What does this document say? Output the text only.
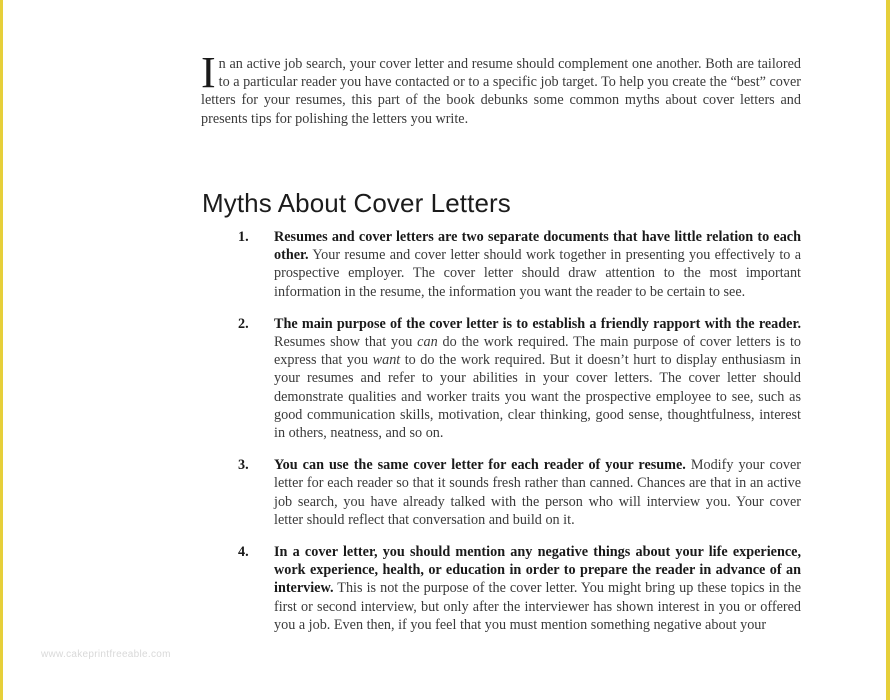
In an active job search, your cover letter and resume should complement one another. Both are tailored to a particular reader you have contacted or to a specific job target. To help you create the “best” cover letters for your resumes, this part of the book debunks some common myths about cover letters and presents tips for polishing the letters you write.

Myths About Cover Letters
1. Resumes and cover letters are two separate documents that have little relation to each other. Your resume and cover letter should work together in presenting you effectively to a prospective employer. The cover letter should draw attention to the most important information in the resume, the information you want the reader to be certain to see.
2. The main purpose of the cover letter is to establish a friendly rapport with the reader. Resumes show that you can do the work required. The main purpose of cover letters is to express that you want to do the work required. But it doesn’t hurt to display enthusiasm in your resumes and refer to your abilities in your cover letters. The cover letter should demonstrate qualities and worker traits you want the prospective employee to see, such as good communication skills, motivation, clear thinking, good sense, thoughtfulness, interest in others, neatness, and so on.
3. You can use the same cover letter for each reader of your resume. Modify your cover letter for each reader so that it sounds fresh rather than canned. Chances are that in an active job search, you have already talked with the person who will interview you. Your cover letter should reflect that conversation and build on it.
4. In a cover letter, you should mention any negative things about your life experience, work experience, health, or education in order to prepare the reader in advance of an interview. This is not the purpose of the cover letter. You might bring up these topics in the first or second interview, but only after the interviewer has shown interest in you or offered you a job. Even then, if you feel that you must mention something negative about your
www.cakeprintfreeable.com
